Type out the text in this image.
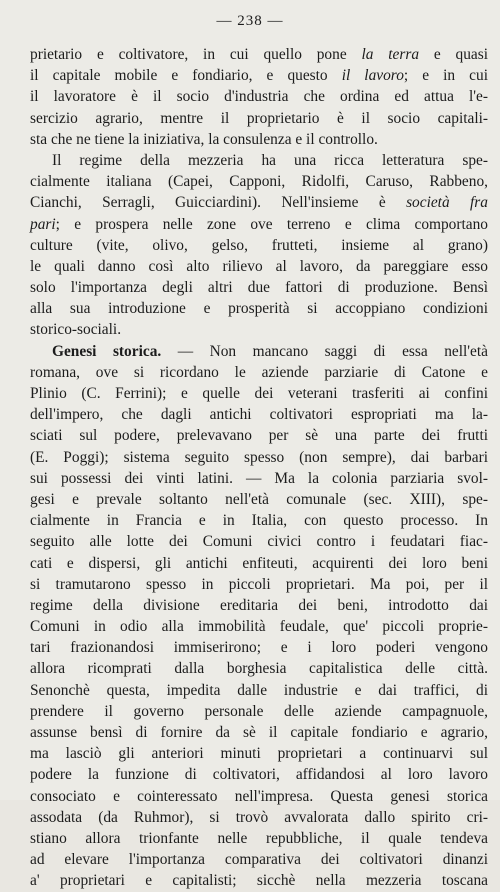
— 238 —
prietario e coltivatore, in cui quello pone la terra e quasi
il capitale mobile e fondiario, e questo il lavoro; e in cui
il lavoratore è il socio d'industria che ordina ed attua l'e-
sercizio agrario, mentre il proprietario è il socio capitali-
sta che ne tiene la iniziativa, la consulenza e il controllo.
Il regime della mezzeria ha una ricca letteratura spe-
cialmente italiana (Capei, Capponi, Ridolfi, Caruso, Rabbeno,
Cianchi, Serragli, Guicciardini). Nell'insieme è società fra
pari; e prospera nelle zone ove terreno e clima comportano
culture (vite, olivo, gelso, frutteti, insieme al grano)
le quali danno così alto rilievo al lavoro, da pareggiare esso
solo l'importanza degli altri due fattori di produzione. Bensì
alla sua introduzione e prosperità si accoppiano condizioni
storico-sociali.
Genesi storica. — Non mancano saggi di essa nell'età
romana, ove si ricordano le aziende parziarie di Catone e
Plinio (C. Ferrini); e quelle dei veterani trasferiti ai confini
dell'impero, che dagli antichi coltivatori espropriati ma la-
sciati sul podere, prelevavano per sè una parte dei frutti
(E. Poggi); sistema seguito spesso (non sempre), dai barbari
sui possessi dei vinti latini. — Ma la colonia parziaria svol-
gesi e prevale soltanto nell'età comunale (sec. XIII), spe-
cialmente in Francia e in Italia, con questo processo. In
seguito alle lotte dei Comuni civici contro i feudatari fiac-
cati e dispersi, gli antichi enfiteuti, acquirenti dei loro beni
si tramutarono spesso in piccoli proprietari. Ma poi, per il
regime della divisione ereditaria dei beni, introdotto dai
Comuni in odio alla immobilità feudale, que' piccoli proprie-
tari frazionandosi immiserirono; e i loro poderi vengono
allora ricomprati dalla borghesia capitalistica delle città.
Senonchè questa, impedita dalle industrie e dai traffici, di
prendere il governo personale delle aziende campagnuole,
assunse bensì di fornire da sè il capitale fondiario e agrario,
ma lasciò gli anteriori minuti proprietari a continuarvi sul
podere la funzione di coltivatori, affidandosi al loro lavoro
consociato e cointeressato nell'impresa. Questa genesi storica
assodata (da Ruhmor), si trovò avvalorata dallo spirito cri-
stiano allora trionfante nelle repubbliche, il quale tendeva
ad elevare l'importanza comparativa dei coltivatori dinanzi
a' proprietari e capitalisti; sicchè nella mezzeria toscana
